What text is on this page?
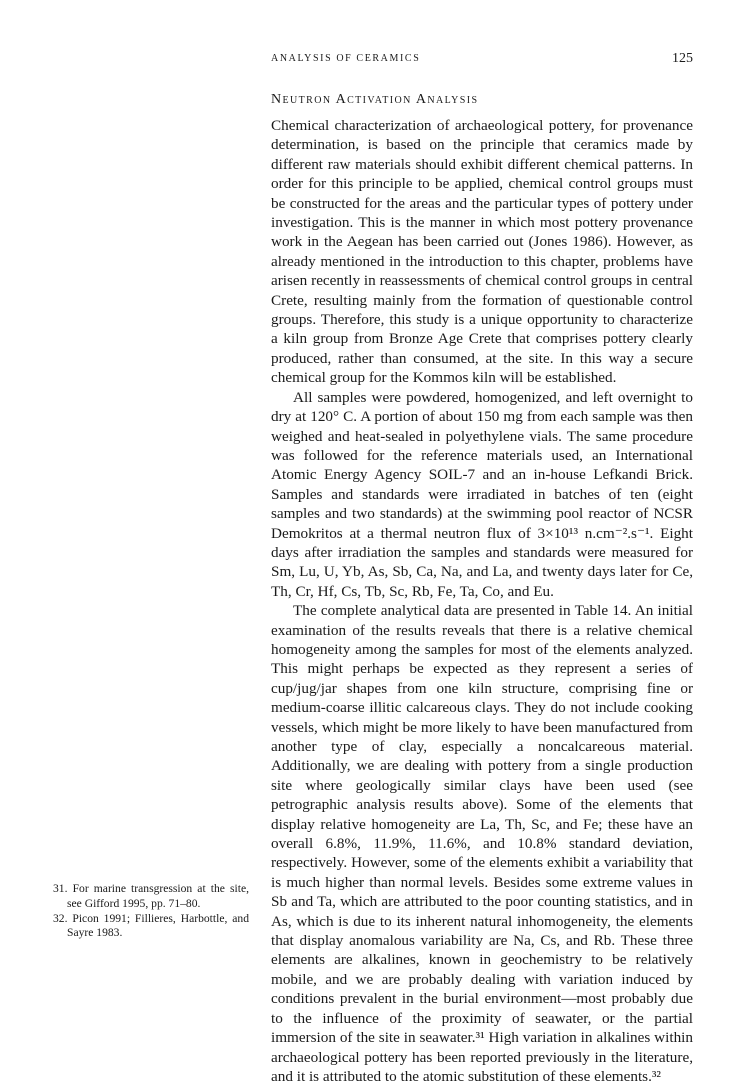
ANALYSIS OF CERAMICS	125
Neutron Activation Analysis

Chemical characterization of archaeological pottery, for provenance determination, is based on the principle that ceramics made by different raw materials should exhibit different chemical patterns. In order for this principle to be applied, chemical control groups must be constructed for the areas and the particular types of pottery under investigation. This is the manner in which most pottery provenance work in the Aegean has been carried out (Jones 1986). However, as already mentioned in the introduction to this chapter, problems have arisen recently in reassessments of chemical control groups in central Crete, resulting mainly from the formation of questionable control groups. Therefore, this study is a unique opportunity to characterize a kiln group from Bronze Age Crete that comprises pottery clearly produced, rather than consumed, at the site. In this way a secure chemical group for the Kommos kiln will be established.

All samples were powdered, homogenized, and left overnight to dry at 120° C. A portion of about 150 mg from each sample was then weighed and heat-sealed in polyethylene vials. The same procedure was followed for the reference materials used, an International Atomic Energy Agency SOIL-7 and an in-house Lefkandi Brick. Samples and standards were irradiated in batches of ten (eight samples and two standards) at the swimming pool reactor of NCSR Demokritos at a thermal neutron flux of 3×10¹³ n.cm⁻².s⁻¹. Eight days after irradiation the samples and standards were measured for Sm, Lu, U, Yb, As, Sb, Ca, Na, and La, and twenty days later for Ce, Th, Cr, Hf, Cs, Tb, Sc, Rb, Fe, Ta, Co, and Eu.

The complete analytical data are presented in Table 14. An initial examination of the results reveals that there is a relative chemical homogeneity among the samples for most of the elements analyzed. This might perhaps be expected as they represent a series of cup/jug/jar shapes from one kiln structure, comprising fine or medium-coarse illitic calcareous clays. They do not include cooking vessels, which might be more likely to have been manufactured from another type of clay, especially a noncalcareous material. Additionally, we are dealing with pottery from a single production site where geologically similar clays have been used (see petrographic analysis results above). Some of the elements that display relative homogeneity are La, Th, Sc, and Fe; these have an overall 6.8%, 11.9%, 11.6%, and 10.8% standard deviation, respectively. However, some of the elements exhibit a variability that is much higher than normal levels. Besides some extreme values in Sb and Ta, which are attributed to the poor counting statistics, and in As, which is due to its inherent natural inhomogeneity, the elements that display anomalous variability are Na, Cs, and Rb. These three elements are alkalines, known in geochemistry to be relatively mobile, and we are probably dealing with variation induced by conditions prevalent in the burial environment—most probably due to the influence of the proximity of seawater, or the partial immersion of the site in seawater.³¹ High variation in alkalines within archaeological pottery has been reported previously in the literature, and it is attributed to the atomic substitution of these elements.³²

31. For marine transgression at the site, see Gifford 1995, pp. 71–80.

32. Picon 1991; Fillieres, Harbottle, and Sayre 1983.
